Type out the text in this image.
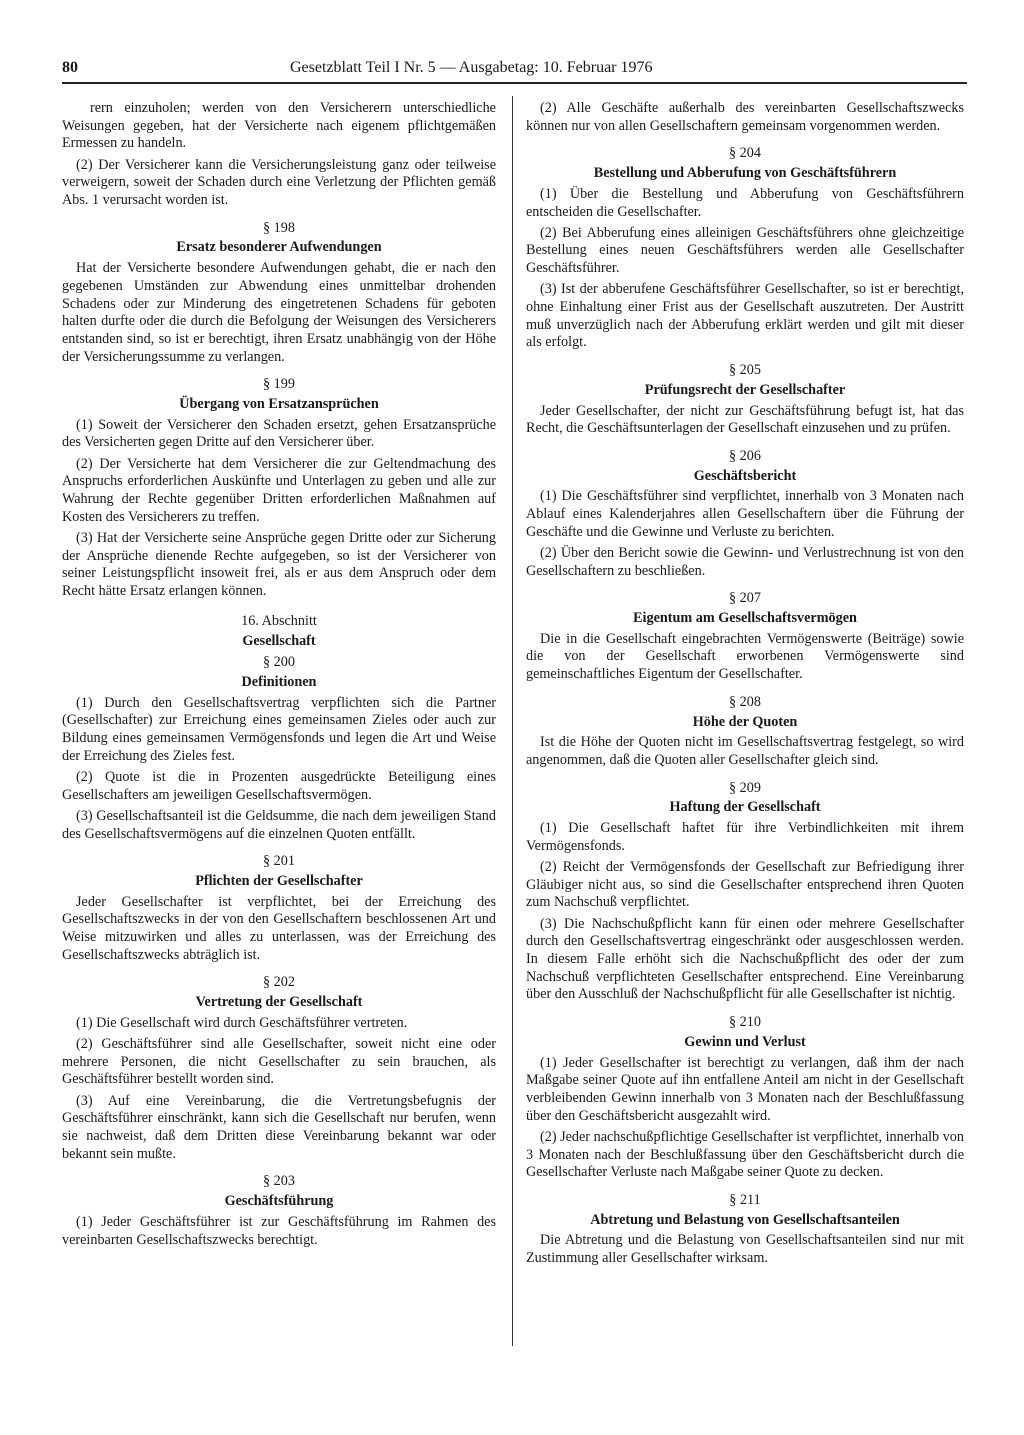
80	Gesetzblatt Teil I Nr. 5 — Ausgabetag: 10. Februar 1976

rern einzuholen; werden von den Versicherern unterschiedliche Weisungen gegeben, hat der Versicherte nach eigenem pflichtgemäßen Ermessen zu handeln.

(2) Der Versicherer kann die Versicherungsleistung ganz oder teilweise verweigern, soweit der Schaden durch eine Verletzung der Pflichten gemäß Abs. 1 verursacht worden ist.

§ 198
Ersatz besonderer Aufwendungen

Hat der Versicherte besondere Aufwendungen gehabt, die er nach den gegebenen Umständen zur Abwendung eines unmittelbar drohenden Schadens oder zur Minderung des eingetretenen Schadens für geboten halten durfte oder die durch die Befolgung der Weisungen des Versicherers entstanden sind, so ist er berechtigt, ihren Ersatz unabhängig von der Höhe der Versicherungssumme zu verlangen.

§ 199
Übergang von Ersatzansprüchen

(1) Soweit der Versicherer den Schaden ersetzt, gehen Ersatzansprüche des Versicherten gegen Dritte auf den Versicherer über.

(2) Der Versicherte hat dem Versicherer die zur Geltendmachung des Anspruchs erforderlichen Auskünfte und Unterlagen zu geben und alle zur Wahrung der Rechte gegenüber Dritten erforderlichen Maßnahmen auf Kosten des Versicherers zu treffen.

(3) Hat der Versicherte seine Ansprüche gegen Dritte oder zur Sicherung der Ansprüche dienende Rechte aufgegeben, so ist der Versicherer von seiner Leistungspflicht insoweit frei, als er aus dem Anspruch oder dem Recht hätte Ersatz erlangen können.

16. Abschnitt
Gesellschaft
§ 200
Definitionen

(1) Durch den Gesellschaftsvertrag verpflichten sich die Partner (Gesellschafter) zur Erreichung eines gemeinsamen Zieles oder auch zur Bildung eines gemeinsamen Vermögensfonds und legen die Art und Weise der Erreichung des Zieles fest.

(2) Quote ist die in Prozenten ausgedrückte Beteiligung eines Gesellschafters am jeweiligen Gesellschaftsvermögen.

(3) Gesellschaftsanteil ist die Geldsumme, die nach dem jeweiligen Stand des Gesellschaftsvermögens auf die einzelnen Quoten entfällt.

§ 201
Pflichten der Gesellschafter

Jeder Gesellschafter ist verpflichtet, bei der Erreichung des Gesellschaftszwecks in der von den Gesellschaftern beschlossenen Art und Weise mitzuwirken und alles zu unterlassen, was der Erreichung des Gesellschaftszwecks abträglich ist.

§ 202
Vertretung der Gesellschaft

(1) Die Gesellschaft wird durch Geschäftsführer vertreten.

(2) Geschäftsführer sind alle Gesellschafter, soweit nicht eine oder mehrere Personen, die nicht Gesellschafter zu sein brauchen, als Geschäftsführer bestellt worden sind.

(3) Auf eine Vereinbarung, die die Vertretungsbefugnis der Geschäftsführer einschränkt, kann sich die Gesellschaft nur berufen, wenn sie nachweist, daß dem Dritten diese Vereinbarung bekannt war oder bekannt sein mußte.

§ 203
Geschäftsführung

(1) Jeder Geschäftsführer ist zur Geschäftsführung im Rahmen des vereinbarten Gesellschaftszwecks berechtigt.

(2) Alle Geschäfte außerhalb des vereinbarten Gesellschaftszwecks können nur von allen Gesellschaftern gemeinsam vorgenommen werden.

§ 204
Bestellung und Abberufung von Geschäftsführern

(1) Über die Bestellung und Abberufung von Geschäftsführern entscheiden die Gesellschafter.

(2) Bei Abberufung eines alleinigen Geschäftsführers ohne gleichzeitige Bestellung eines neuen Geschäftsführers werden alle Gesellschafter Geschäftsführer.

(3) Ist der abberufene Geschäftsführer Gesellschafter, so ist er berechtigt, ohne Einhaltung einer Frist aus der Gesellschaft auszutreten. Der Austritt muß unverzüglich nach der Abberufung erklärt werden und gilt mit dieser als erfolgt.

§ 205
Prüfungsrecht der Gesellschafter

Jeder Gesellschafter, der nicht zur Geschäftsführung befugt ist, hat das Recht, die Geschäftsunterlagen der Gesellschaft einzusehen und zu prüfen.

§ 206
Geschäftsbericht

(1) Die Geschäftsführer sind verpflichtet, innerhalb von 3 Monaten nach Ablauf eines Kalenderjahres allen Gesellschaftern über die Führung der Geschäfte und die Gewinne und Verluste zu berichten.

(2) Über den Bericht sowie die Gewinn- und Verlustrechnung ist von den Gesellschaftern zu beschließen.

§ 207
Eigentum am Gesellschaftsvermögen

Die in die Gesellschaft eingebrachten Vermögenswerte (Beiträge) sowie die von der Gesellschaft erworbenen Vermögenswerte sind gemeinschaftliches Eigentum der Gesellschafter.

§ 208
Höhe der Quoten

Ist die Höhe der Quoten nicht im Gesellschaftsvertrag festgelegt, so wird angenommen, daß die Quoten aller Gesellschafter gleich sind.

§ 209
Haftung der Gesellschaft

(1) Die Gesellschaft haftet für ihre Verbindlichkeiten mit ihrem Vermögensfonds.

(2) Reicht der Vermögensfonds der Gesellschaft zur Befriedigung ihrer Gläubiger nicht aus, so sind die Gesellschafter entsprechend ihren Quoten zum Nachschuß verpflichtet.

(3) Die Nachschußpflicht kann für einen oder mehrere Gesellschafter durch den Gesellschaftsvertrag eingeschränkt oder ausgeschlossen werden. In diesem Falle erhöht sich die Nachschußpflicht des oder der zum Nachschuß verpflichteten Gesellschafter entsprechend. Eine Vereinbarung über den Ausschluß der Nachschußpflicht für alle Gesellschafter ist nichtig.

§ 210
Gewinn und Verlust

(1) Jeder Gesellschafter ist berechtigt zu verlangen, daß ihm der nach Maßgabe seiner Quote auf ihn entfallene Anteil am nicht in der Gesellschaft verbleibenden Gewinn innerhalb von 3 Monaten nach der Beschlußfassung über den Geschäftsbericht ausgezahlt wird.

(2) Jeder nachschußpflichtige Gesellschafter ist verpflichtet, innerhalb von 3 Monaten nach der Beschlußfassung über den Geschäftsbericht durch die Gesellschafter Verluste nach Maßgabe seiner Quote zu decken.

§ 211
Abtretung und Belastung von Gesellschaftsanteilen

Die Abtretung und die Belastung von Gesellschaftsanteilen sind nur mit Zustimmung aller Gesellschafter wirksam.
